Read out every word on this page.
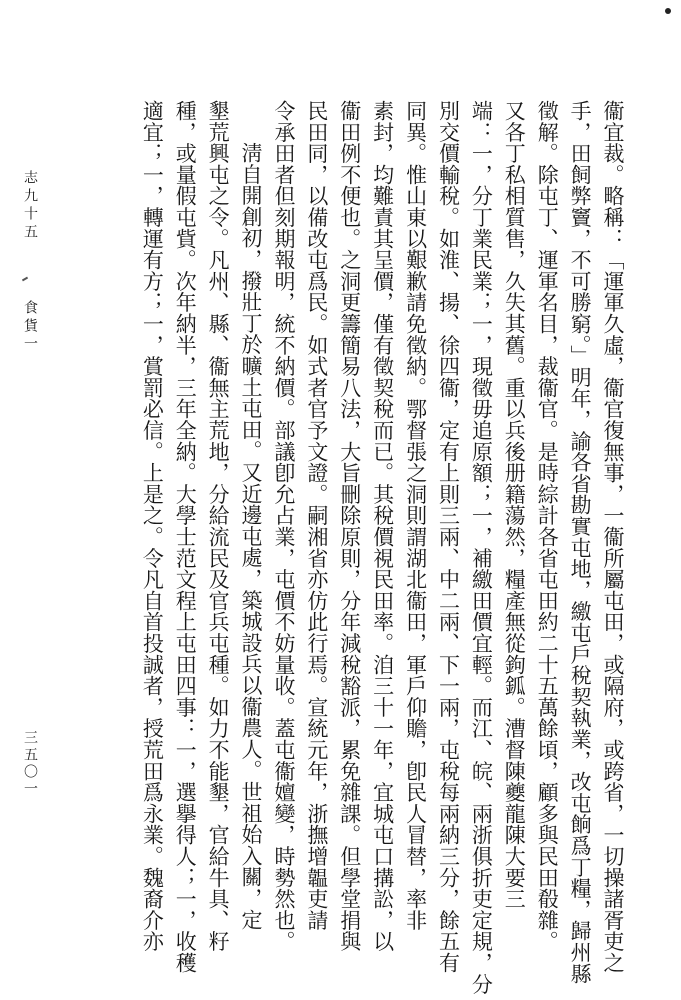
衞宜裁。略稱：「運軍久虛，衞官復無事，一衞所屬屯田，或隔府，或跨省，一切操諸胥吏之
手，田飼弊竇，不可勝窮。」明年，諭各省勘實屯地，繳屯戶稅契執業，改屯餉爲丁糧，歸州縣
徵解。除屯丁、運軍名目，裁衞官。是時綜計各省屯田約二十五萬餘頃，顧多與民田殽雜。
又各丁私相質售，久失其舊。重以兵後册籍蕩然，糧產無從鉤鈲。漕督陳夔龍陳大要三
端：一，分丁業民業；一，現徵毋追原額；一，補繳田價宜輕。而江、皖、兩浙俱折吏定規，分
別交價輸稅。如淮、揚、徐四衞，定有上則三兩、中二兩、下一兩，屯稅每兩納三分，餘五有
同異。惟山東以艱歉請免徵納。鄂督張之洞則謂湖北衞田，軍戶仰贍，卽民人冒替，率非
素封，均難責其呈價，僅有徵契稅而已。其稅價視民田率。洎三十一年，宜城屯口搆訟，以
衞田例不便也。之洞更籌簡易八法，大旨刪除原則，分年減稅豁派，累免雜課。但學堂捐與
民田同，以備改屯爲民。如式者官予文證。嗣湘省亦仿此行焉。宣統元年，浙撫增韞吏請
令承田者但刻期報明，統不納價。部議卽允占業，屯價不妨量收。蓋屯衞嬗變，時勢然也。
淸自開創初，撥壯丁於曠土屯田。又近邊屯處，築城設兵以衞農人。世祖始入關，定
墾荒興屯之令。凡州、縣、衞無主荒地，分給流民及官兵屯種。如力不能墾，官給牛具、籽
種，或量假屯貲。次年納半，三年全納。大學士范文程上屯田四事：一，選擧得人；一，收穫
適宜；一，轉運有方；一，賞罰必信。上是之。令凡自首投誠者，授荒田爲永業。魏裔介亦
志九十五
食貨一
三五〇一
